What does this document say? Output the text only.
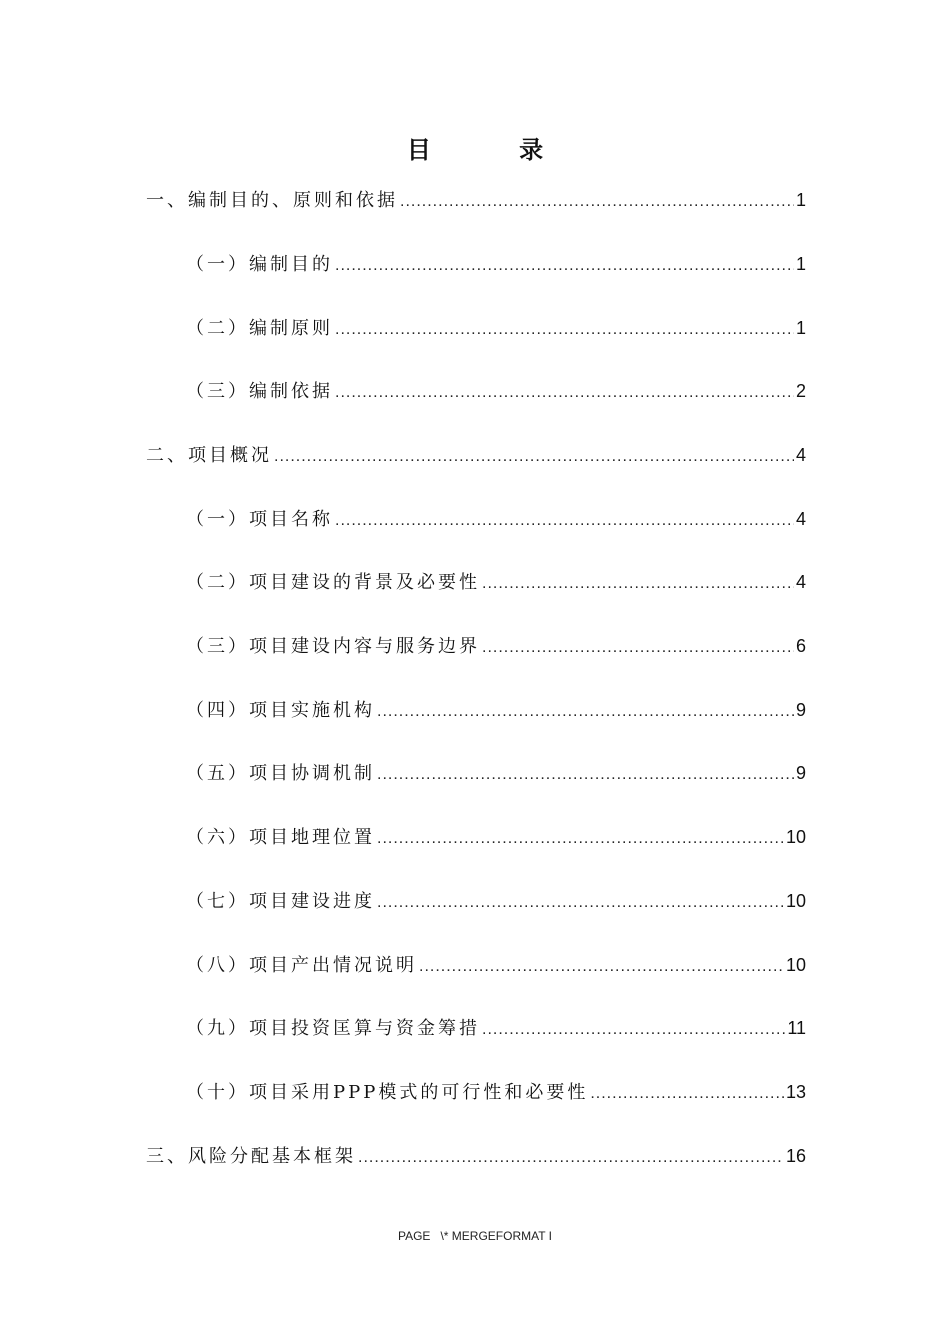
目 录
一、编制目的、原则和依据 .....	1
（一）编制目的 .....	1
（二）编制原则 .....	1
（三）编制依据 .....	2
二、项目概况 .....	4
（一）项目名称 .....	4
（二）项目建设的背景及必要性 .....	4
（三）项目建设内容与服务边界 .....	6
（四）项目实施机构 .....	9
（五）项目协调机制 .....	9
（六）项目地理位置 .....	10
（七）项目建设进度 .....	10
（八）项目产出情况说明 .....	10
（九）项目投资匡算与资金筹措 .....	11
（十）项目采用PPP模式的可行性和必要性 .....	13
三、风险分配基本框架 .....	16
PAGE   \* MERGEFORMAT I
